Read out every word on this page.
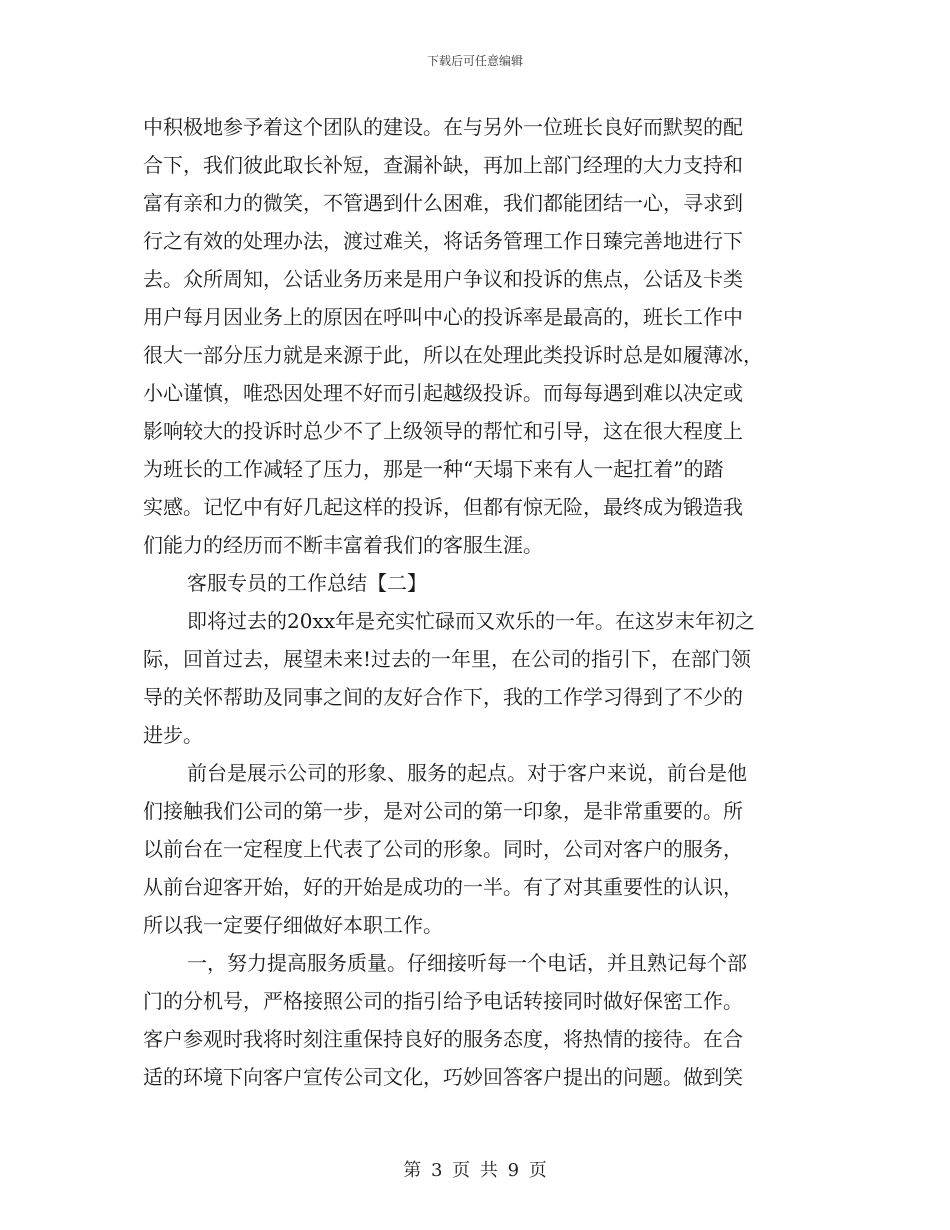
下载后可任意编辑
中积极地参予着这个团队的建设。在与另外一位班长良好而默契的配
合下，我们彼此取长补短，查漏补缺，再加上部门经理的大力支持和
富有亲和力的微笑，不管遇到什么困难，我们都能团结一心，寻求到
行之有效的处理办法，渡过难关，将话务管理工作日臻完善地进行下
去。众所周知，公话业务历来是用户争议和投诉的焦点，公话及卡类
用户每月因业务上的原因在呼叫中心的投诉率是最高的，班长工作中
很大一部分压力就是来源于此，所以在处理此类投诉时总是如履薄冰，
小心谨慎，唯恐因处理不好而引起越级投诉。而每每遇到难以决定或
影响较大的投诉时总少不了上级领导的帮忙和引导，这在很大程度上
为班长的工作减轻了压力，那是一种“天塌下来有人一起扛着”的踏
实感。记忆中有好几起这样的投诉，但都有惊无险，最终成为锻造我
们能力的经历而不断丰富着我们的客服生涯。
客服专员的工作总结【二】
即将过去的20xx年是充实忙碌而又欢乐的一年。在这岁末年初之
际，回首过去，展望未来!过去的一年里，在公司的指引下，在部门领
导的关怀帮助及同事之间的友好合作下，我的工作学习得到了不少的
进步。
前台是展示公司的形象、服务的起点。对于客户来说，前台是他
们接触我们公司的第一步，是对公司的第一印象，是非常重要的。所
以前台在一定程度上代表了公司的形象。同时，公司对客户的服务，
从前台迎客开始，好的开始是成功的一半。有了对其重要性的认识，
所以我一定要仔细做好本职工作。
一，努力提高服务质量。仔细接听每一个电话，并且熟记每个部
门的分机号，严格接照公司的指引给予电话转接同时做好保密工作。
客户参观时我将时刻注重保持良好的服务态度，将热情的接待。在合
适的环境下向客户宣传公司文化，巧妙回答客户提出的问题。做到笑
第 3 页 共 9 页
